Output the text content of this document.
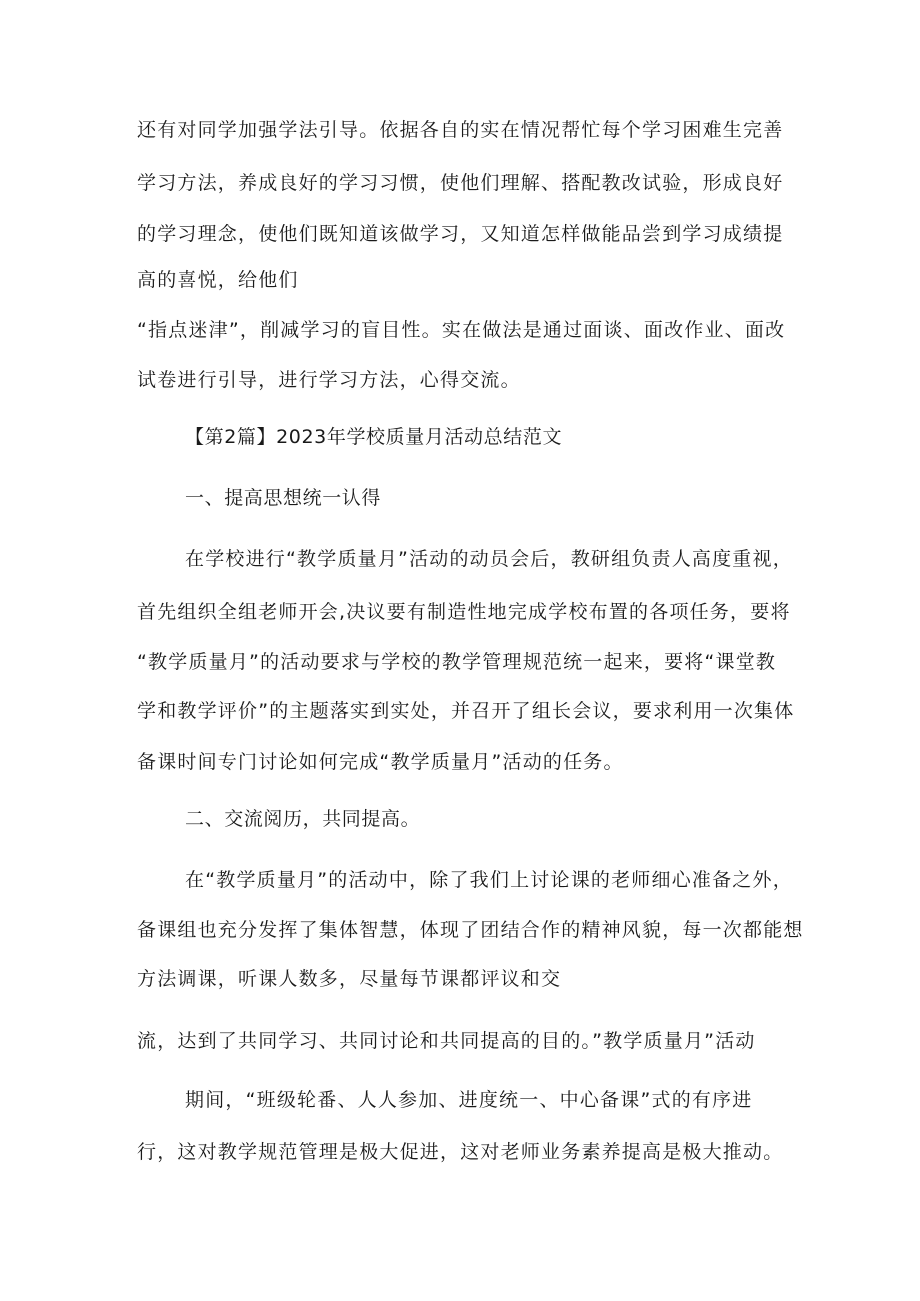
还有对同学加强学法引导。依据各自的实在情况帮忙每个学习困难生完善
学习方法，养成良好的学习习惯，使他们理解、搭配教改试验，形成良好
的学习理念，使他们既知道该做学习，又知道怎样做能品尝到学习成绩提
高的喜悦，给他们
“指点迷津”，削减学习的盲目性。实在做法是通过面谈、面改作业、面改
试卷进行引导，进行学习方法，心得交流。
【第2篇】2023年学校质量月活动总结范文
一、提高思想统一认得
在学校进行“教学质量月”活动的动员会后，教研组负责人高度重视，
首先组织全组老师开会,决议要有制造性地完成学校布置的各项任务，要将
“教学质量月”的活动要求与学校的教学管理规范统一起来，要将“课堂教
学和教学评价”的主题落实到实处，并召开了组长会议，要求利用一次集体
备课时间专门讨论如何完成“教学质量月”活动的任务。
二、交流阅历，共同提高。
在“教学质量月”的活动中，除了我们上讨论课的老师细心准备之外，
备课组也充分发挥了集体智慧，体现了团结合作的精神风貌，每一次都能想
方法调课，听课人数多，尽量每节课都评议和交
流，达到了共同学习、共同讨论和共同提高的目的。”教学质量月”活动
期间，“班级轮番、人人参加、进度统一、中心备课”式的有序进
行，这对教学规范管理是极大促进，这对老师业务素养提高是极大推动。
